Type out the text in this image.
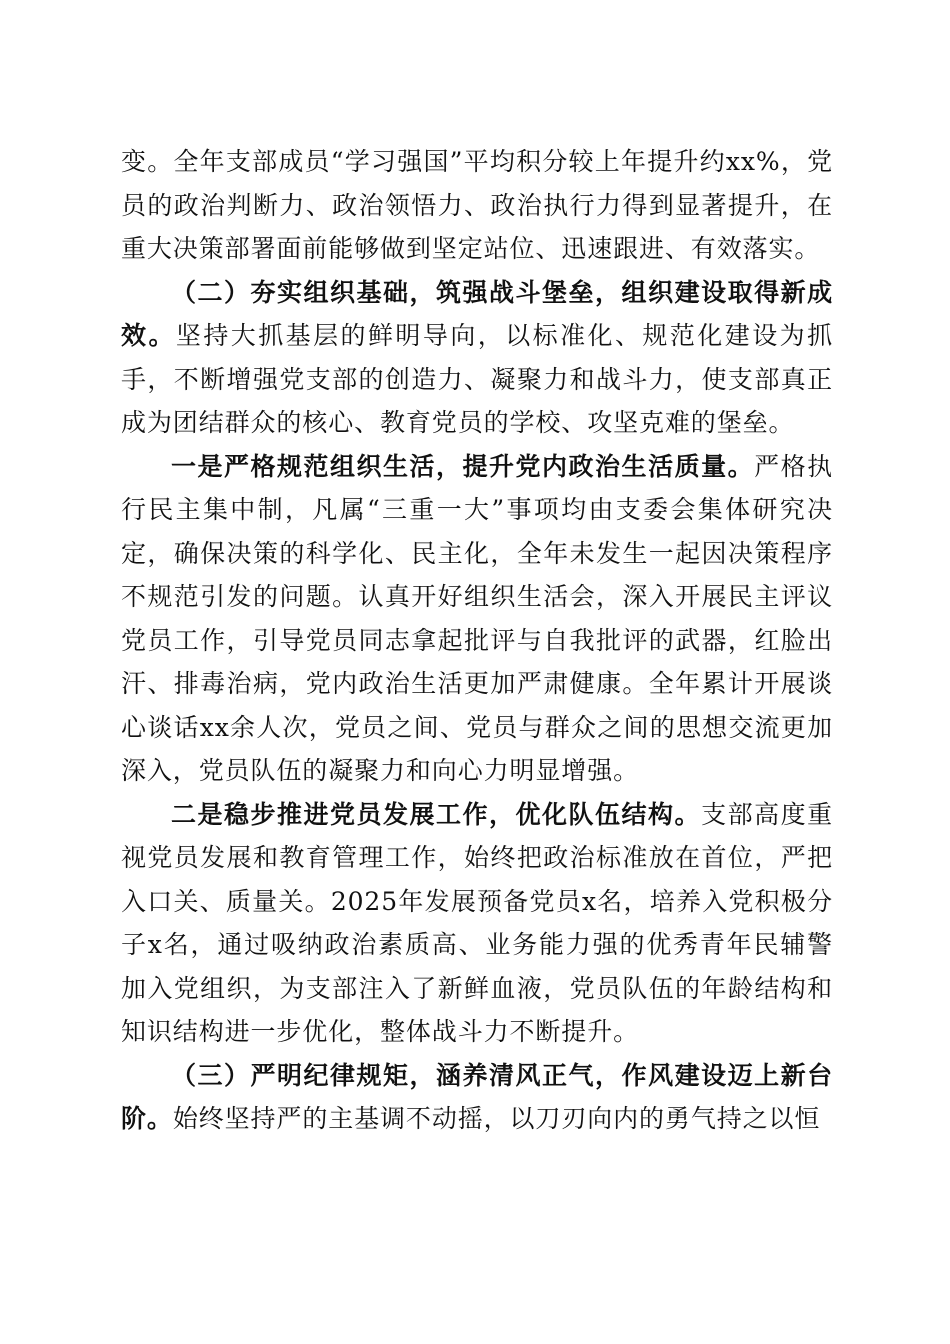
变。全年支部成员“学习强国”平均积分较上年提升约xx%，党员的政治判断力、政治领悟力、政治执行力得到显著提升，在重大决策部署面前能够做到坚定站位、迅速跟进、有效落实。

（二）夯实组织基础，筑强战斗堡垒，组织建设取得新成效。坚持大抓基层的鲜明导向，以标准化、规范化建设为抓手，不断增强党支部的创造力、凝聚力和战斗力，使支部真正成为团结群众的核心、教育党员的学校、攻坚克难的堡垒。

一是严格规范组织生活，提升党内政治生活质量。严格执行民主集中制，凡属“三重一大”事项均由支委会集体研究决定，确保决策的科学化、民主化，全年未发生一起因决策程序不规范引发的问题。认真开好组织生活会，深入开展民主评议党员工作，引导党员同志拿起批评与自我批评的武器，红脸出汗、排毒治病，党内政治生活更加严肃健康。全年累计开展谈心谈话xx余人次，党员之间、党员与群众之间的思想交流更加深入，党员队伍的凝聚力和向心力明显增强。

二是稳步推进党员发展工作，优化队伍结构。支部高度重视党员发展和教育管理工作，始终把政治标准放在首位，严把入口关、质量关。2025年发展预备党员x名，培养入党积极分子x名，通过吸纳政治素质高、业务能力强的优秀青年民辅警加入党组织，为支部注入了新鲜血液，党员队伍的年龄结构和知识结构进一步优化，整体战斗力不断提升。

（三）严明纪律规矩，涵养清风正气，作风建设迈上新台阶。始终坚持严的主基调不动摇，以刀刃向内的勇气持之以恒
